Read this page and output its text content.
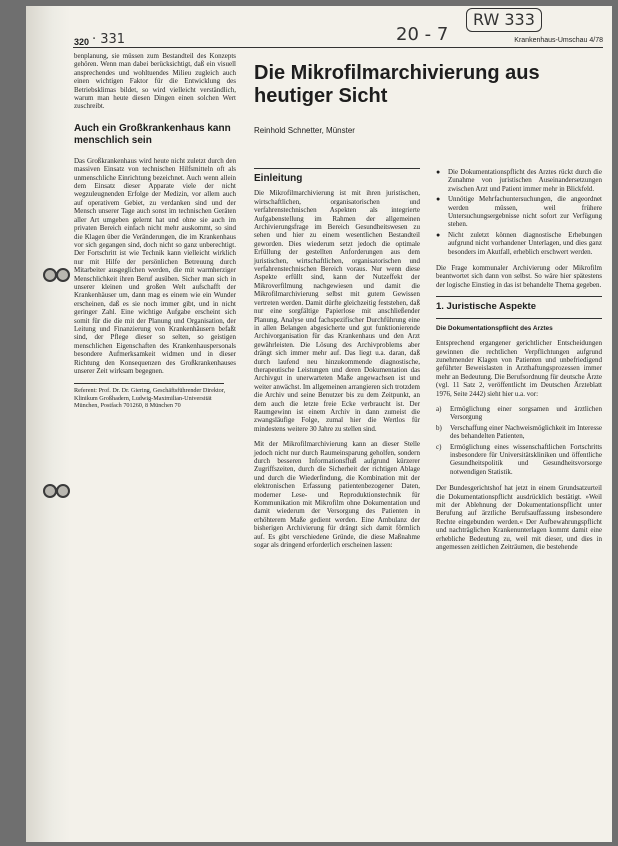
320 · 331	20 - 7
RW 333
Krankenhaus-Umschau 4/78
Die Mikrofilmarchivierung aus heutiger Sicht
Reinhold Schnetter, Münster

benplanung, sie müssen zum Bestandteil des Konzepts gehören. Wenn man dabei berücksichtigt, daß ein visuell ansprechendes und wohltuendes Milieu zugleich auch einen wichtigen Faktor für die Entwicklung des Betriebsklimas bildet, so wird vielleicht verständlich, warum man heute diesen Dingen einen solchen Wert zuschreibt.

Auch ein Großkrankenhaus kann menschlich sein

Das Großkrankenhaus wird heute nicht zuletzt durch den massiven Einsatz von technischen Hilfsmitteln oft als unmenschliche Einrichtung bezeichnet. Auch wenn allein dem Einsatz dieser Apparate viele der nicht wegzuleugnenden Erfolge der Medizin, vor allem auch auf operativem Gebiet, zu verdanken sind und der Mensch unserer Tage auch sonst im technischen Geräten aller Art umgeben gelernt hat und ohne sie auch im privaten Bereich einfach nicht mehr auskommt, so sind die Klagen über die Veränderungen, die im Krankenhaus vor sich gegangen sind, doch nicht so ganz unberechtigt. Der Fortschritt ist wie Technik kann vielleicht wirklich nur mit Hilfe der persönlichen Betreuung durch Mitarbeiter ausgeglichen werden, die mit warmherziger Menschlichkeit ihren Beruf ausüben. Sicher man sich in unserer kleinen und großen Welt aufschafft der Krankenhäuser um, dann mag es einem wie ein Wunder erscheinen, daß es sie noch immer gibt, und in nicht geringer Zahl. Eine wichtige Aufgabe erscheint sich somit für die die mit der Planung und Organisation, der Leitung und Finanzierung von Krankenhäusern befaßt sind, der Pflege dieser so selten, so geistigen menschlichen Eigenschaften des Krankenhauspersonals besondere Aufmerksamkeit widmen und in dieser Richtung den Konsequenzen des Großkrankenhauses unserer Zeit wirksam begegnen.

Referent: Prof. Dr. Dr. Giering, Geschäftsführender Direktor, Klinikum Großhadern, Ludwig-Maximilian-Universität München, Postfach 701260, 8 München 70
Einleitung

Die Mikrofilmarchivierung ist mit ihren juristischen, wirtschaftlichen, organisatorischen und verfahrenstechnischen Aspekten als integrierte Aufgabenstellung im Rahmen der allgemeinen Archivierungsfrage im Bereich Gesundheitswesen zu sehen und hier zu einem wesentlichen Bestandteil geworden. Dies wiederum setzt jedoch die optimale Erfüllung der gestellten Anforderungen aus dem juristischen, wirtschaftlichen, organisatorischen und verfahrenstechnischen Bereich voraus. Nur wenn diese Aspekte erfüllt sind, kann der Nutzeffekt der Mikroverfilmung nachgewiesen und damit die Mikrofilmarchivierung selbst mit gutem Gewissen vertreten werden. Damit dürfte gleichzeitig feststehen, daß nur eine sorgfältige Papierlose mit anschließender Planung, Analyse und fachspezifischer Durchführung eine in allen Belangen abgesicherte und gut funktionierende Archivorganisation für das Krankenhaus und den Arzt gewährleisten. Die Lösung des Archivproblems aber drängt sich immer mehr auf. Das liegt u.a. daran, daß durch laufend neu hinzukommende diagnostische, therapeutische Leistungen und deren Dokumentation das Archivgut in unerwarteten Maße angewachsen ist und weiter anwächst. Im allgemeinen arrangieren sich trotzdem die Archiv und seine Benutzer bis zu dem Zeitpunkt, an dem auch die letzte freie Ecke verbraucht ist. Der Raumgewinn ist einem Archiv in dann zumeist die zwangsläufige Folge, zumal hier die Wertlos für mindestens weitere 30 Jahre zu stellen sind.

Mit der Mikrofilmarchivierung kann an dieser Stelle jedoch nicht nur durch Raumeinsparung geholfen, sondern durch besseren Informationsfluß aufgrund kürzerer Zugriffszeiten, durch die Sicherheit der richtigen Ablage und durch die Wiederfindung, die Kombination mit der elektronischen Erfassung patientenbezogener Daten, moderner Lese- und Reproduktionstechnik für Kommunikation mit Mikrofilm ohne Dokumentation und damit wiederum der Versorgung des Patienten in erhöhterem Maße gedient werden. Eine Ambulanz der bisherigen Archivierung für drängt sich damit förmlich auf. Es gibt verschiedene Gründe, die diese Maßnahme sogar als dringend erforderlich erscheinen lassen:

● Die Dokumentationspflicht des Arztes rückt durch die Zunahme von juristischen Auseinandersetzungen zwischen Arzt und Patient immer mehr in Blickfeld.
● Unnötige Mehrfachuntersuchungen, die angeordnet werden müssen, weil frühere Untersuchungsergebnisse nicht sofort zur Verfügung stehen.
● Nicht zuletzt können diagnostische Erhebungen aufgrund nicht vorhandener Unterlagen, und dies ganz besonders im Akutfall, erheblich erschwert werden.

Die Frage kommunaler Archivierung oder Mikrofilm beantwortet sich dann von selbst. So wäre hier spätestens der logische Einstieg in das ist behandelte Thema gegeben.

1. Juristische Aspekte
Die Dokumentationspflicht des Arztes

Entsprechend ergangener gerichtlicher Entscheidungen gewinnen die rechtlichen Verpflichtungen aufgrund zunehmender Klagen von Patienten und unbefriedigend geführter Beweislasten in Arzthaftungsprozessen immer mehr an Bedeutung. Die Berufsordnung für deutsche Ärzte (vgl. 11 Satz 2, veröffentlicht im Deutschen Ärzteblatt 1976, Seite 2442) sieht hier u.a. vor:

a) Ermöglichung einer sorgsamen und ärztlichen Versorgung
b) Verschaffung einer Nachweismöglichkeit im Interesse des behandelten Patienten,
c) Ermöglichung eines wissenschaftlichen Fortschritts insbesondere für Universitätskliniken und öffentliche Gesundheitspolitik und Gesundheitsvorsorge notwendigen Statistik.

Der Bundesgerichtshof hat jetzt in einem Grundsatzurteil die Dokumentationspflicht ausdrücklich bestätigt. »Weil mit der Ablehnung der Dokumentationspflicht unter Berufung auf ärztliche Berufsauffassung insbesondere Rechte eingebunden werden.« Der Aufbewahrungspflicht und nachträglichen Krankenunterlagen kommt damit eine erhebliche Bedeutung zu, weil mit dieser, und dies in angemessen zeitlichen Zeiträumen, die bestehende
